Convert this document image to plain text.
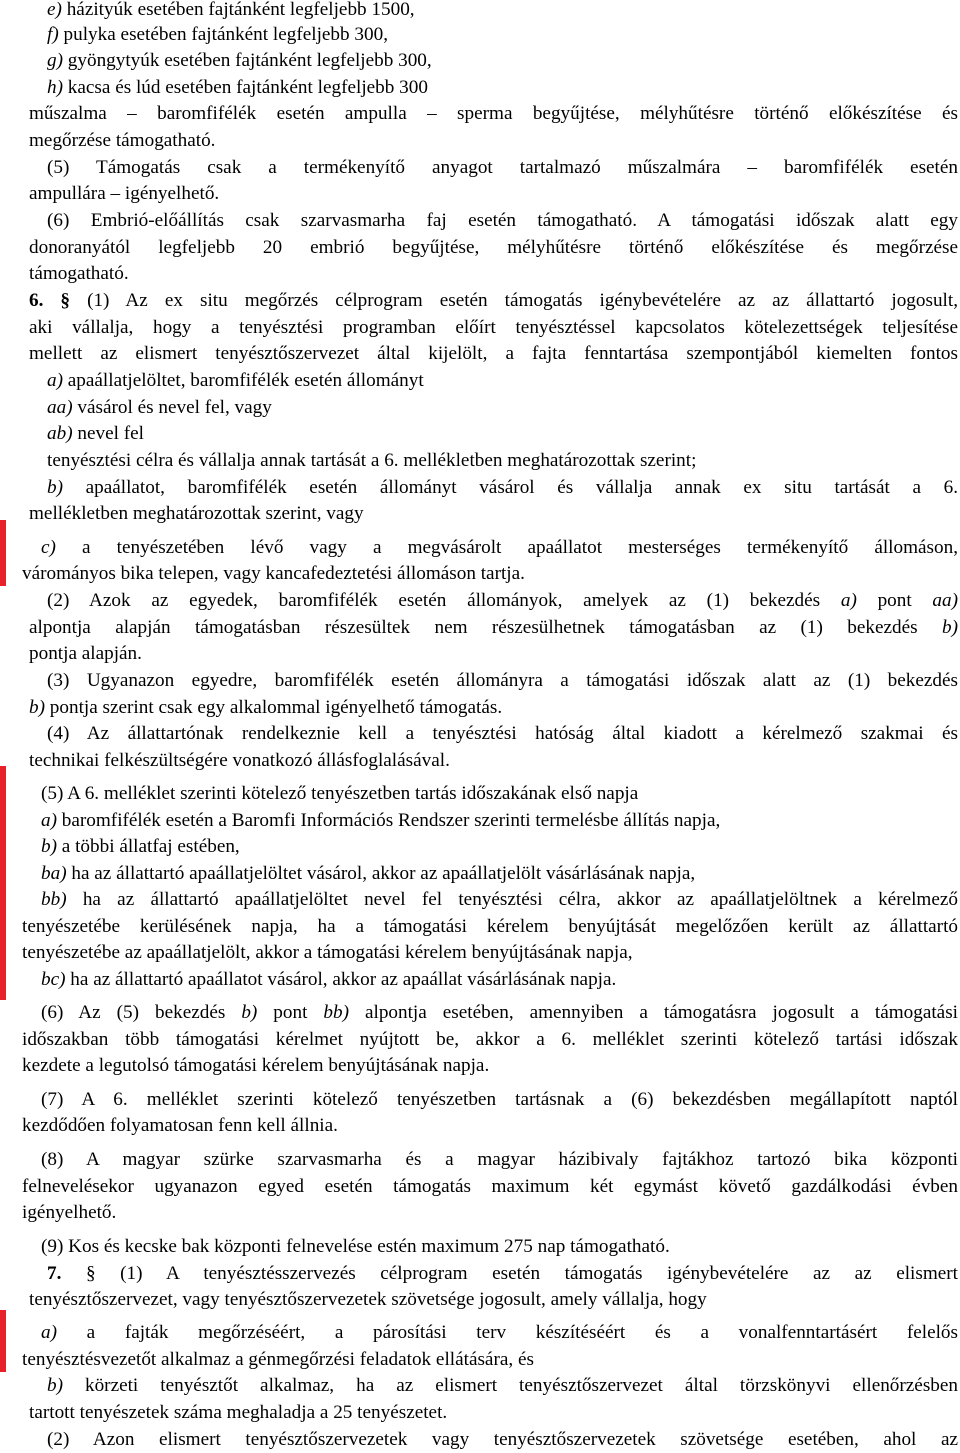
e) házityúk esetében fajtánként legfeljebb 1500,
f) pulyka esetében fajtánként legfeljebb 300,
g) gyöngytyúk esetében fajtánként legfeljebb 300,
h) kacsa és lúd esetében fajtánként legfeljebb 300
műszalma – baromfifélék esetén ampulla – sperma begyűjtése, mélyhűtésre történő előkészítése és
megőrzése támogatható.
(5) Támogatás csak a termékenyítő anyagot tartalmazó műszalmára – baromfifélék esetén
ampullára – igényelhető.
(6) Embrió-előállítás csak szarvasmarha faj esetén támogatható. A támogatási időszak alatt egy
donoranyától legfeljebb 20 embrió begyűjtése, mélyhűtésre történő előkészítése és megőrzése
támogatható.
6. § (1) Az ex situ megőrzés célprogram esetén támogatás igénybevételére az az állattartó jogosult,
aki vállalja, hogy a tenyésztési programban előírt tenyésztéssel kapcsolatos kötelezettségek teljesítése
mellett az elismert tenyésztőszervezet által kijelölt, a fajta fenntartása szempontjából kiemelten fontos
a) apaállatjelöltet, baromfifélék esetén állományt
aa) vásárol és nevel fel, vagy
ab) nevel fel
tenyésztési célra és vállalja annak tartását a 6. mellékletben meghatározottak szerint;
b) apaállatot, baromfifélék esetén állományt vásárol és vállalja annak ex situ tartását a 6.
mellékletben meghatározottak szerint, vagy
c) a tenyészetében lévő vagy a megvásárolt apaállatot mesterséges termékenyítő állomáson,
váromány​os bika telepen, vagy kancafedeztetési állomáson tartja.
(2) Azok az egyedek, baromfifélék esetén állományok, amelyek az (1) bekezdés a) pont aa)
alpontja alapján támogatásban részesültek nem részesülhetnek támogatásban az (1) bekezdés b)
pontja alapján.
(3) Ugyanazon egyedre, baromfifélék esetén állományra a támogatási időszak alatt az (1) bekezdés
b) pontja szerint csak egy alkalommal igényelhető támogatás.
(4) Az állattartónak rendelkeznie kell a tenyésztési hatóság által kiadott a kérelmező szakmai és
technikai felkészültségére vonatkozó állásfoglalásával.
(5) A 6. melléklet szerinti kötelező tenyészetben tartás időszakának első napja
a) baromfifélék esetén a Baromfi Információs Rendszer szerinti termelésbe állítás napja,
b) a többi állatfaj estében,
ba) ha az állattartó apaállatjelöltet vásárol, akkor az apaállatjelölt vásárlásának napja,
bb) ha az állattartó apaállatjelöltet nevel fel tenyésztési célra, akkor az apaállatjelöltnek a kérelmező
tenyészetébe kerülésének napja, ha a támogatási kérelem benyújtását megelőzően került az állattartó
tenyészetébe az apaállatjelölt, akkor a támogatási kérelem benyújtásának napja,
bc) ha az állattartó apaállatot vásárol, akkor az apaállat vásárlásának napja.
(6) Az (5) bekezdés b) pont bb) alpontja esetében, amennyiben a támogatásra jogosult a támogatási
időszakban több támogatási kérelmet nyújtott be, akkor a 6. melléklet szerinti kötelező tartási időszak
kezdete a legutolsó támogatási kérelem benyújtásának napja.
(7) A 6. melléklet szerinti kötelező tenyészetben tartásnak a (6) bekezdésben megállapított naptól
kezdődően folyamatosan fenn kell állnia.
(8) A magyar szürke szarvasmarha és a magyar házibivaly fajtákhoz tartozó bika központi
felnevelésekor ugyanazon egyed esetén támogatás maximum két egymást követő gazdálkodási évben
igényelhető.
(9) Kos és kecske bak központi felnevelése estén maximum 275 nap támogatható.
7. § (1) A tenyésztésszervezés célprogram esetén támogatás igénybevételére az az elismert
tenyésztőszervezet, vagy tenyésztőszervezetek szövetsége jogosult, amely vállalja, hogy
a) a fajták megőrzéséért, a párosítási terv készítéséért és a vonalfenntartásért felelős
tenyésztésvezetőt alkalmaz a génmegőrzési feladatok ellátására, és
b) körzeti tenyésztőt alkalmaz, ha az elismert tenyésztőszervezet által törzskönyvi ellenőrzésben
tartott tenyészetek száma meghaladja a 25 tenyészetet.
(2) Azon elismert tenyésztőszervezetek vagy tenyésztőszervezetek szövetsége esetében, ahol az
